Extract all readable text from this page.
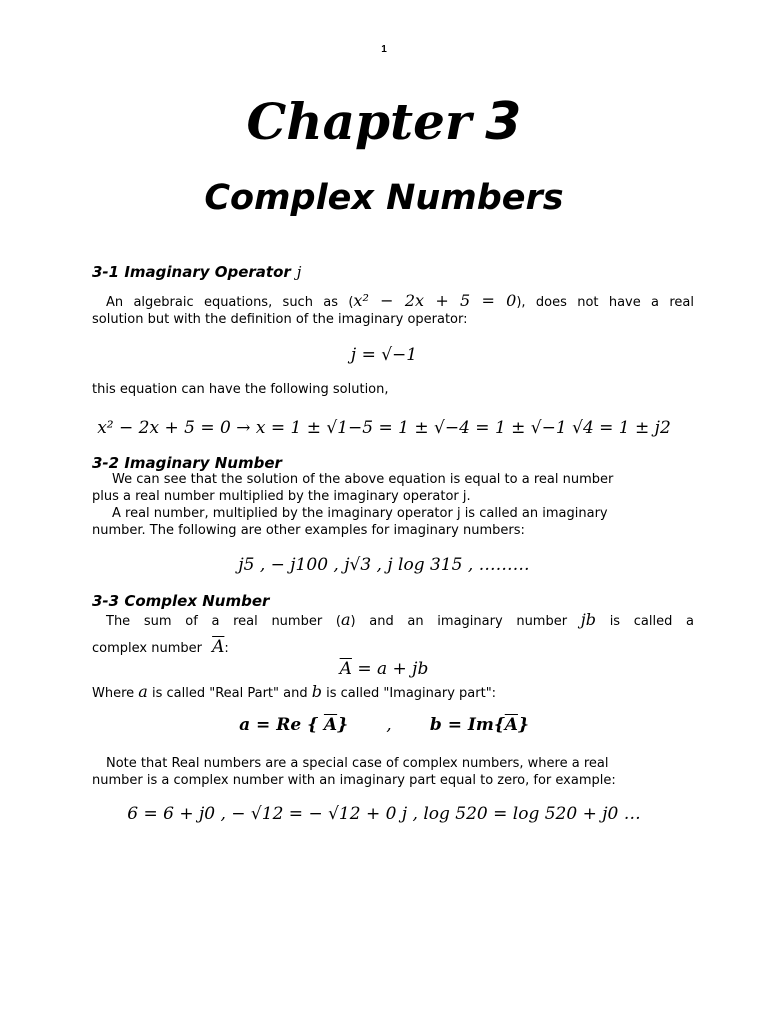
1
Chapter 3
Complex Numbers
3-1 Imaginary Operator j
An algebraic equations, such as (x² − 2x + 5 = 0), does not have a real
solution but with the definition of the imaginary operator:
j = √−1
this equation can have the following solution,
x² − 2x + 5 = 0 → x = 1 ± √1−5 = 1 ± √−4 = 1 ± √−1 √4 = 1 ± j2
3-2 Imaginary Number
We can see that the solution of the above equation is equal to a real number
plus a real number multiplied by the imaginary operator j.
A real number, multiplied by the imaginary operator j is called an imaginary
number. The following are other examples for imaginary numbers:
j5 , − j100 , j√3 , j log 315 , ………
3-3 Complex Number
The sum of a real number (a) and an imaginary number jb is called a
complex number $\overline{A}$:
$\overline{A} = a$ + jb
Where a is called "Real Part" and b is called "Imaginary part":
a = Re { $\overline{A}$} , $b = Im\{\overline{A}\}$
Note that Real numbers are a special case of complex numbers, where a real
number is a complex number with an imaginary part equal to zero, for example:
6 = 6 + j0 , − √12 = − √12 + 0 j , log 520 = log 520 + j0 …
